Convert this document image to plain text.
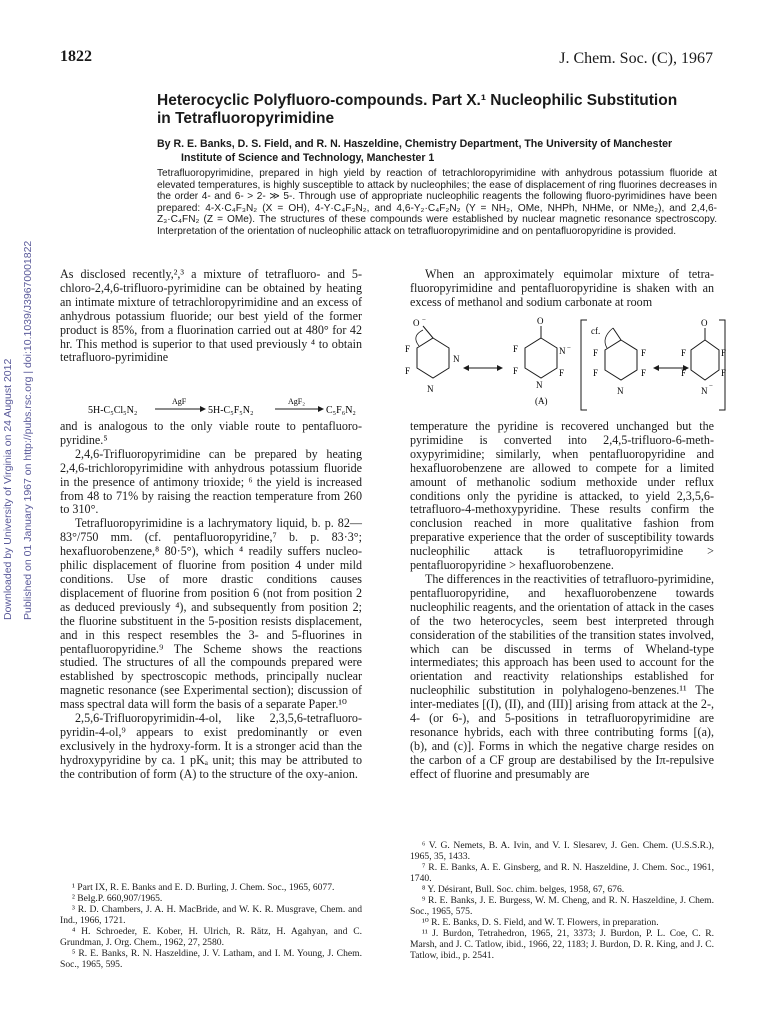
1822	J. Chem. Soc. (C), 1967
Heterocyclic Polyfluoro-compounds. Part X.¹ Nucleophilic Substitution
in Tetrafluoropyrimidine
By R. E. Banks, D. S. Field, and R. N. Haszeldine, Chemistry Department, The University of Manchester
Institute of Science and Technology, Manchester 1
Tetrafluoropyrimidine, prepared in high yield by reaction of tetrachloropyrimidine with anhydrous potassium fluoride at elevated temperatures, is highly susceptible to attack by nucleophiles; the ease of displacement of ring fluorines decreases in the order 4- and 6- > 2- ≫ 5-. Through use of appropriate nucleophilic reagents the following fluoro-pyrimidines have been prepared: 4-X·C₄F₃N₂ (X = OH), 4-Y·C₄F₃N₂, and 4,6-Y₂·C₄F₂N₂ (Y = NH₂, OMe, NHPh, NHMe, or NMe₂), and 2,4,6-Z₃·C₄FN₂ (Z = OMe). The structures of these compounds were established by nuclear magnetic resonance spectroscopy. Interpretation of the orientation of nucleophilic attack on tetrafluoropyrimidine and on pentafluoropyridine is provided.
Downloaded by University of Virginia on 24 August 2012 Published on 01 January 1967 on http://pubs.rsc.org | doi:10.1039/J39670001822 As disclosed recently,²,³ a mixture of tetrafluoro- and 5-chloro-2,4,6-trifluoro-pyrimidine can be obtained by heating an intimate mixture of tetrachloropyrimidine and an excess of anhydrous potassium fluoride; our best yield of the former product is 85%, from a fluorination carried out at 480° for 42 hr. This method is superior to that used previously ⁴ to obtain tetrafluoro-pyrimidine

5H-C₅Cl₅N₂
AgF
5H-C₅F₅N₂
AgF₂
C₅F₆N₂

and is analogous to the only viable route to pentafluoro-pyridine.⁵

2,4,6-Trifluoropyrimidine can be prepared by heating 2,4,6-trichloropyrimidine with anhydrous potassium fluoride in the presence of antimony trioxide; ⁶ the yield is increased from 48 to 71% by raising the reaction temperature from 260 to 310°.

Tetrafluoropyrimidine is a lachrymatory liquid, b. p. 82—83°/750 mm. (cf. pentafluoropyridine,⁷ b. p. 83·3°; hexafluorobenzene,⁸ 80·5°), which ⁴ readily suffers nucleo-philic displacement of fluorine from position 4 under mild conditions. Use of more drastic conditions causes displacement of fluorine from position 6 (not from position 2 as deduced previously ⁴), and subsequently from position 2; the fluorine substituent in the 5-position resists displacement, and in this respect resembles the 3- and 5-fluorines in pentafluoropyridine.⁹ The Scheme shows the reactions studied. The structures of all the compounds prepared were established by spectroscopic methods, principally nuclear magnetic resonance (see Experimental section); discussion of mass spectral data will form the basis of a separate Paper.¹⁰

2,5,6-Trifluoropyrimidin-4-ol, like 2,3,5,6-tetrafluoro-pyridin-4-ol,⁹ appears to exist predominantly or even exclusively in the hydroxy-form. It is a stronger acid than the hydroxypyridine by ca. 1 pKₐ unit; this may be attributed to the contribution of form (A) to the structure of the oxy-anion.

When an approximately equimolar mixture of tetra-fluoropyrimidine and pentafluoropyridine is shaken with an excess of methanol and sodium carbonate at room

O −
N
F
F
N
O
N −
F
F	F
N
(A)
cf.
F	F
F	F
N
O
F	F
F	F
N −

temperature the pyridine is recovered unchanged but the pyrimidine is converted into 2,4,5-trifluoro-6-meth-oxypyrimidine; similarly, when pentafluoropyridine and hexafluorobenzene are allowed to compete for a limited amount of methanolic sodium methoxide under reflux conditions only the pyridine is attacked, to yield 2,3,5,6-tetrafluoro-4-methoxypyridine. These results confirm the conclusion reached in more qualitative fashion from preparative experience that the order of susceptibility towards nucleophilic attack is tetrafluoropyrimidine > pentafluoropyridine > hexafluorobenzene.

The differences in the reactivities of tetrafluoro-pyrimidine, pentafluoropyridine, and hexafluorobenzene towards nucleophilic reagents, and the orientation of attack in the cases of the two heterocycles, seem best interpreted through consideration of the stabilities of the transition states involved, which can be discussed in terms of Wheland-type intermediates; this approach has been used to account for the orientation and reactivity relationships established for nucleophilic substitution in polyhalogeno-benzenes.¹¹ The inter-mediates [(I), (II), and (III)] arising from attack at the 2-, 4- (or 6-), and 5-positions in tetrafluoropyrimidine are resonance hybrids, each with three contributing forms [(a), (b), and (c)]. Forms in which the negative charge resides on the carbon of a CF group are destabilised by the Iπ-repulsive effect of fluorine and presumably are

¹ Part IX, R. E. Banks and E. D. Burling, J. Chem. Soc., 1965, 6077.

² Belg.P. 660,907/1965.

³ R. D. Chambers, J. A. H. MacBride, and W. K. R. Musgrave, Chem. and Ind., 1966, 1721.

⁴ H. Schroeder, E. Kober, H. Ulrich, R. Rätz, H. Agahyan, and C. Grundman, J. Org. Chem., 1962, 27, 2580.

⁵ R. E. Banks, R. N. Haszeldine, J. V. Latham, and I. M. Young, J. Chem. Soc., 1965, 595.

⁶ V. G. Nemets, B. A. Ivin, and V. I. Slesarev, J. Gen. Chem. (U.S.S.R.), 1965, 35, 1433.

⁷ R. E. Banks, A. E. Ginsberg, and R. N. Haszeldine, J. Chem. Soc., 1961, 1740.

⁸ Y. Désirant, Bull. Soc. chim. belges, 1958, 67, 676.

⁹ R. E. Banks, J. E. Burgess, W. M. Cheng, and R. N. Haszeldine, J. Chem. Soc., 1965, 575.

¹⁰ R. E. Banks, D. S. Field, and W. T. Flowers, in preparation.

¹¹ J. Burdon, Tetrahedron, 1965, 21, 3373; J. Burdon, P. L. Coe, C. R. Marsh, and J. C. Tatlow, ibid., 1966, 22, 1183; J. Burdon, D. R. King, and J. C. Tatlow, ibid., p. 2541.
